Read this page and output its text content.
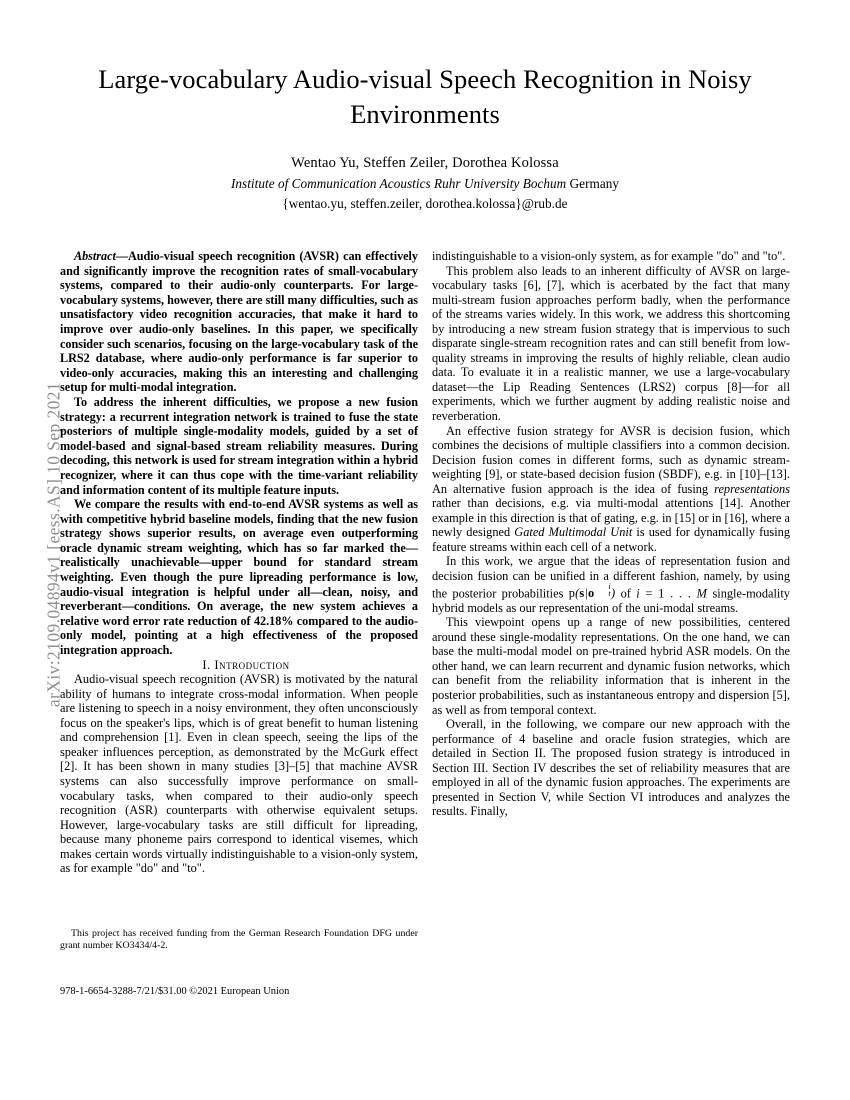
arXiv:2109.04894v1 [eess.AS] 10 Sep 2021
Large-vocabulary Audio-visual Speech Recognition in Noisy Environments
Wentao Yu, Steffen Zeiler, Dorothea Kolossa
Institute of Communication Acoustics Ruhr University Bochum Germany
{wentao.yu, steffen.zeiler, dorothea.kolossa}@rub.de

Abstract—Audio-visual speech recognition (AVSR) can effectively and significantly improve the recognition rates of small-vocabulary systems, compared to their audio-only counterparts. For large-vocabulary systems, however, there are still many difficulties, such as unsatisfactory video recognition accuracies, that make it hard to improve over audio-only baselines. In this paper, we specifically consider such scenarios, focusing on the large-vocabulary task of the LRS2 database, where audio-only performance is far superior to video-only accuracies, making this an interesting and challenging setup for multi-modal integration.

To address the inherent difficulties, we propose a new fusion strategy: a recurrent integration network is trained to fuse the state posteriors of multiple single-modality models, guided by a set of model-based and signal-based stream reliability measures. During decoding, this network is used for stream integration within a hybrid recognizer, where it can thus cope with the time-variant reliability and information content of its multiple feature inputs.

We compare the results with end-to-end AVSR systems as well as with competitive hybrid baseline models, finding that the new fusion strategy shows superior results, on average even outperforming oracle dynamic stream weighting, which has so far marked the—realistically unachievable—upper bound for standard stream weighting. Even though the pure lipreading performance is low, audio-visual integration is helpful under all—clean, noisy, and reverberant—conditions. On average, the new system achieves a relative word error rate reduction of 42.18% compared to the audio-only model, pointing at a high effectiveness of the proposed integration approach.

I. Introduction

Audio-visual speech recognition (AVSR) is motivated by the natural ability of humans to integrate cross-modal information. When people are listening to speech in a noisy environment, they often unconsciously focus on the speaker's lips, which is of great benefit to human listening and comprehension [1]. Even in clean speech, seeing the lips of the speaker influences perception, as demonstrated by the McGurk effect [2]. It has been shown in many studies [3]–[5] that machine AVSR systems can also successfully improve performance on small-vocabulary tasks, when compared to their audio-only speech recognition (ASR) counterparts with otherwise equivalent setups. However, large-vocabulary tasks are still difficult for lipreading, because many phoneme pairs correspond to identical visemes, which makes certain words virtually indistinguishable to a vision-only system, as for example "do" and "to".

indistinguishable to a vision-only system, as for example "do" and "to".

This problem also leads to an inherent difficulty of AVSR on large-vocabulary tasks [6], [7], which is acerbated by the fact that many multi-stream fusion approaches perform badly, when the performance of the streams varies widely. In this work, we address this shortcoming by introducing a new stream fusion strategy that is impervious to such disparate single-stream recognition rates and can still benefit from low-quality streams in improving the results of highly reliable, clean audio data. To evaluate it in a realistic manner, we use a large-vocabulary dataset—the Lip Reading Sentences (LRS2) corpus [8]—for all experiments, which we further augment by adding realistic noise and reverberation.

An effective fusion strategy for AVSR is decision fusion, which combines the decisions of multiple classifiers into a common decision. Decision fusion comes in different forms, such as dynamic stream-weighting [9], or state-based decision fusion (SBDF), e.g. in [10]–[13]. An alternative fusion approach is the idea of fusing representations rather than decisions, e.g. via multi-modal attentions [14]. Another example in this direction is that of gating, e.g. in [15] or in [16], where a newly designed Gated Multimodal Unit is used for dynamically fusing feature streams within each cell of a network.

In this work, we argue that the ideas of representation fusion and decision fusion can be unified in a different fashion, namely, by using the posterior probabilities p(s|o
i
t ) of i = 1 . . . M single-modality hybrid models as our representation of the uni-modal streams.

This viewpoint opens up a range of new possibilities, centered around these single-modality representations. On the one hand, we can base the multi-modal model on pre-trained hybrid ASR models. On the other hand, we can learn recurrent and dynamic fusion networks, which can benefit from the reliability information that is inherent in the posterior probabilities, such as instantaneous entropy and dispersion [5], as well as from temporal context.

Overall, in the following, we compare our new approach with the performance of 4 baseline and oracle fusion strategies, which are detailed in Section II. The proposed fusion strategy is introduced in Section III. Section IV describes the set of reliability measures that are employed in all of the dynamic fusion approaches. The experiments are presented in Section V, while Section VI introduces and analyzes the results. Finally,

This project has received funding from the German Research Foundation DFG under grant number KO3434/4-2.

978-1-6654-3288-7/21/$31.00 ©2021 European Union
